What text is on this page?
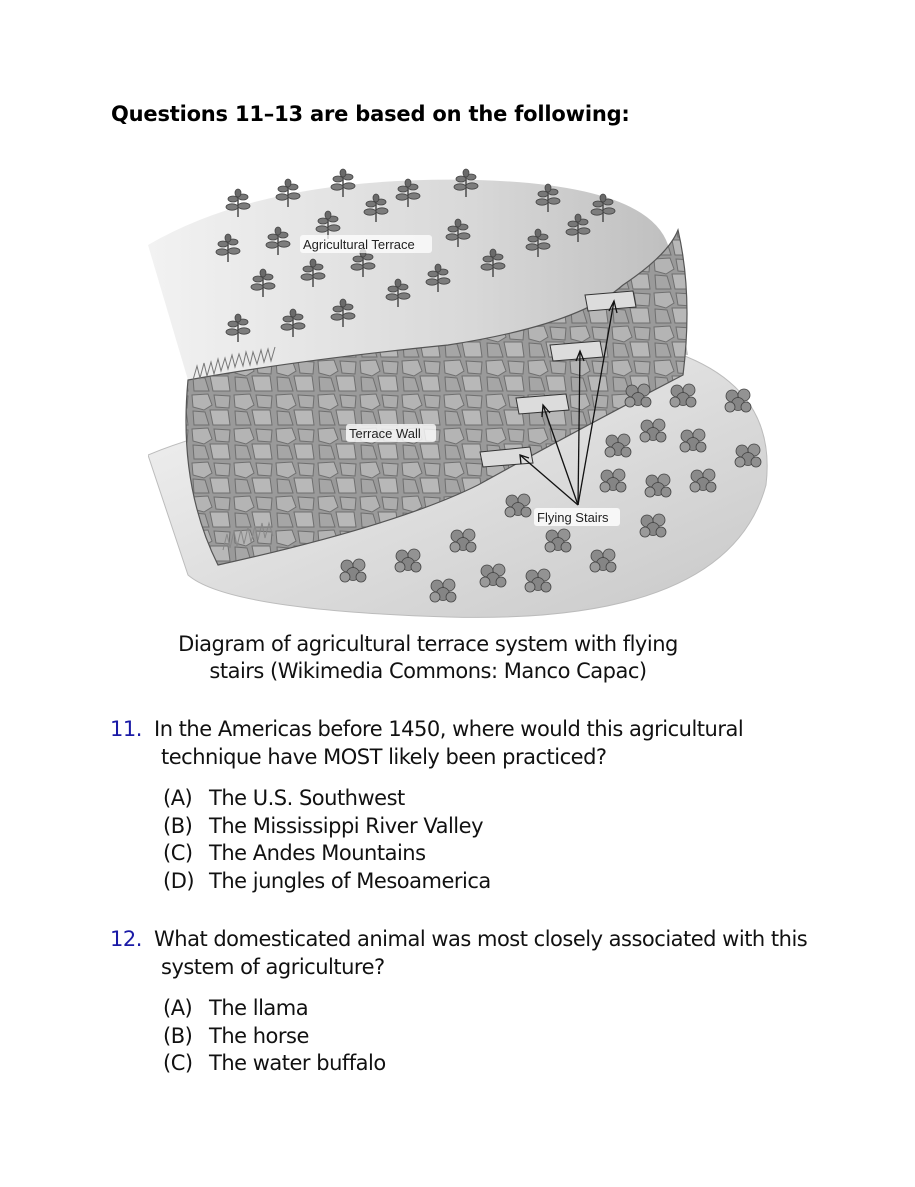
Questions 11–13 are based on the following:
Agricultural Terrace
Terrace Wall
Flying Stairs
Diagram of agricultural terrace system with flying
stairs (Wikimedia Commons: Manco Capac)
11. In the Americas before 1450, where would this agricultural
technique have MOST likely been practiced?
(A) The U.S. Southwest
(B) The Mississippi River Valley
(C) The Andes Mountains
(D) The jungles of Mesoamerica
12. What domesticated animal was most closely associated with this
system of agriculture?
(A) The llama
(B) The horse
(C) The water buffalo
